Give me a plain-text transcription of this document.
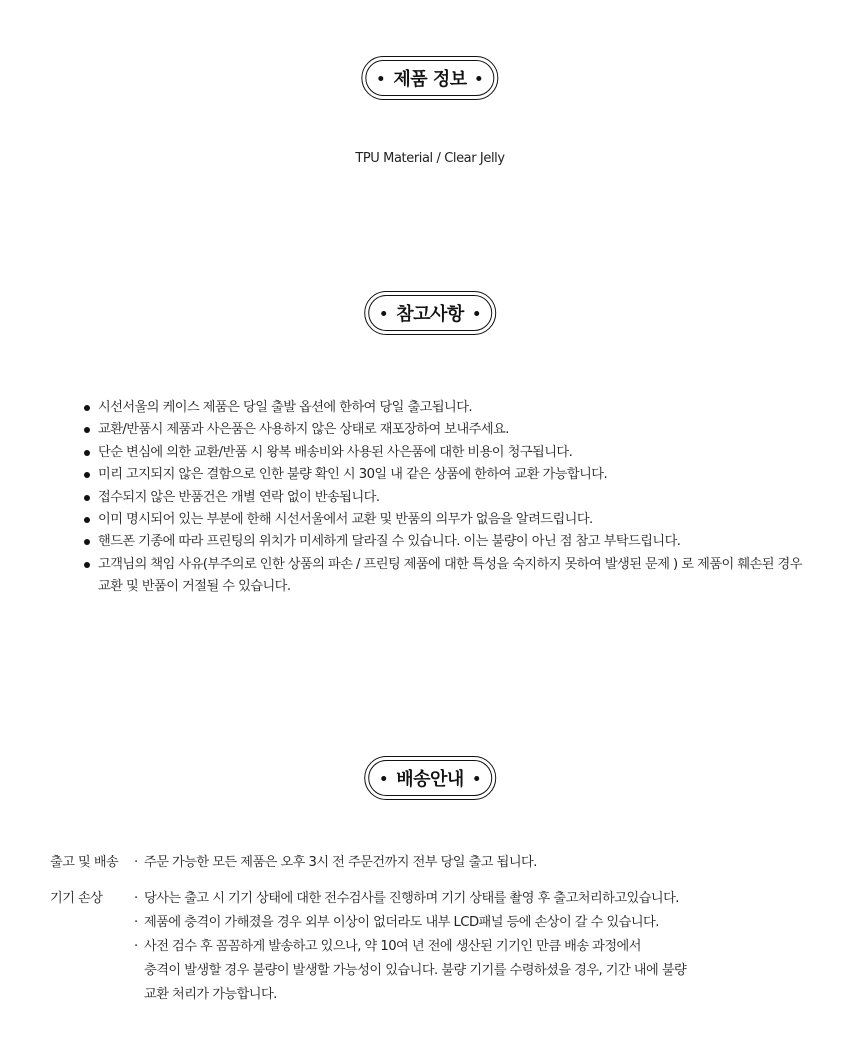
제품 정보
TPU Material / Clear Jelly
참고사항
시선서울의 케이스 제품은 당일 출발 옵션에 한하여 당일 출고됩니다.
교환/반품시 제품과 사은품은 사용하지 않은 상태로 재포장하여 보내주세요.
단순 변심에 의한 교환/반품 시 왕복 배송비와 사용된 사은품에 대한 비용이 청구됩니다.
미리 고지되지 않은 결함으로 인한 불량 확인 시 30일 내 같은 상품에 한하여 교환 가능합니다.
접수되지 않은 반품건은 개별 연락 없이 반송됩니다.
이미 명시되어 있는 부분에 한해 시선서울에서 교환 및 반품의 의무가 없음을 알려드립니다.
핸드폰 기종에 따라 프린팅의 위치가 미세하게 달라질 수 있습니다. 이는 불량이 아닌 점 참고 부탁드립니다.
고객님의 책임 사유(부주의로 인한 상품의 파손 / 프린팅 제품에 대한 특성을 숙지하지 못하여 발생된 문제 ) 로 제품이 훼손된 경우 교환 및 반품이 거절될 수 있습니다.
배송안내
출고 및 배송	· 주문 가능한 모든 제품은 오후 3시 전 주문건까지 전부 당일 출고 됩니다.
기기 손상	· 당사는 출고 시 기기 상태에 대한 전수검사를 진행하며 기기 상태를 촬영 후 출고처리하고있습니다.
· 제품에 충격이 가해졌을 경우 외부 이상이 없더라도 내부 LCD패널 등에 손상이 갈 수 있습니다.
· 사전 검수 후 꼼꼼하게 발송하고 있으나, 약 10여 년 전에 생산된 기기인 만큼 배송 과정에서
충격이 발생할 경우 불량이 발생할 가능성이 있습니다. 불량 기기를 수령하셨을 경우, 기간 내에 불량
교환 처리가 가능합니다.
